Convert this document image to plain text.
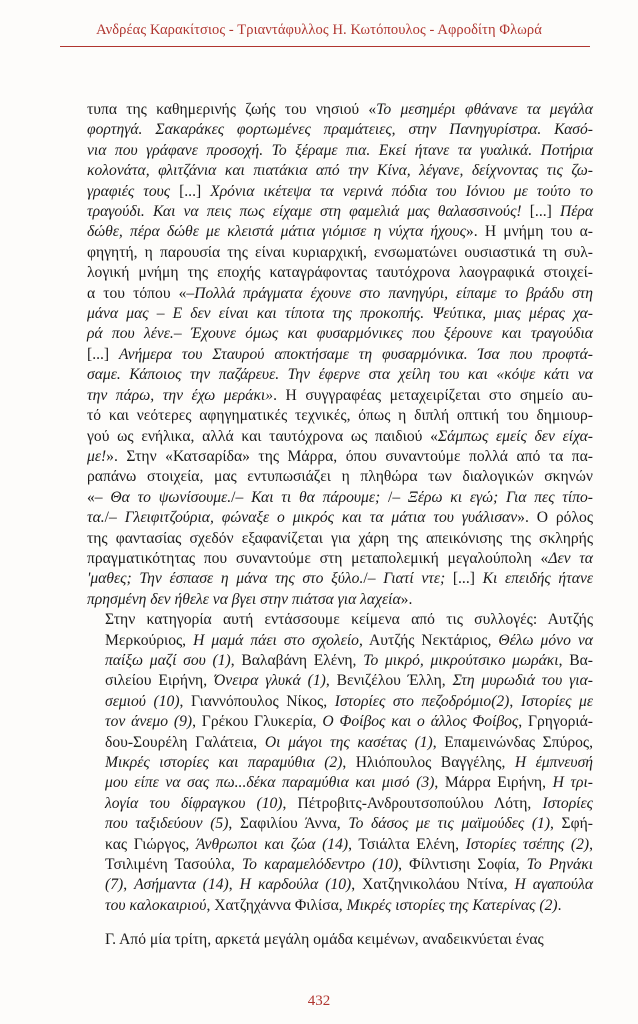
Ανδρέας Καρακίτσιος - Τριαντάφυλλος Η. Κωτόπουλος - Αφροδίτη Φλωρά

τυπα της καθημερινής ζωής του νησιού «Το μεσημέρι φθάνανε τα μεγάλα
φορτηγά. Σακαράκες φορτωμένες πραμάτειες, στην Πανηγυρίστρα. Κασό-
νια που γράφανε προσοχή. Το ξέραμε πια. Εκεί ήτανε τα γυαλικά. Ποτήρια
κολονάτα, φλιτζάνια και πιατάκια από την Κίνα, λέγανε, δείχνοντας τις ζω-
γραφιές τους [...] Χρόνια ικέτεψα τα νερινά πόδια του Ιόνιου με τούτο το
τραγούδι. Και να πεις πως είχαμε στη φαμελιά μας θαλασσινούς! [...] Πέρα
δώθε, πέρα δώθε με κλειστά μάτια γιόμισε η νύχτα ήχους». Η μνήμη του α-
φηγητή, η παρουσία της είναι κυριαρχική, ενσωματώνει ουσιαστικά τη συλ-
λογική μνήμη της εποχής καταγράφοντας ταυτόχρονα λαογραφικά στοιχεί-
α του τόπου «–Πολλά πράγματα έχουνε στο πανηγύρι, είπαμε το βράδυ στη
μάνα μας – Ε δεν είναι και τίποτα της προκοπής. Ψεύτικα, μιας μέρας χα-
ρά που λένε.– Έχουνε όμως και φυσαρμόνικες που ξέρουνε και τραγούδια
[...] Ανήμερα του Σταυρού αποκτήσαμε τη φυσαρμόνικα. Ίσα που προφτά-
σαμε. Κάποιος την παζάρευε. Την έφερνε στα χείλη του και «κόψε κάτι να
την πάρω, την έχω μεράκι». Η συγγραφέας μεταχειρίζεται στο σημείο αυ-
τό και νεότερες αφηγηματικές τεχνικές, όπως η διπλή οπτική του δημιουρ-
γού ως ενήλικα, αλλά και ταυτόχρονα ως παιδιού «Σάμπως εμείς δεν είχα-
με!». Στην «Κατσαρίδα» της Μάρρα, όπου συναντούμε πολλά από τα πα-
ραπάνω στοιχεία, μας εντυπωσιάζει η πληθώρα των διαλογικών σκηνών
«– Θα το ψωνίσουμε./– Και τι θα πάρουμε; /– Ξέρω κι εγώ; Για πες τίπο-
τα./– Γλειφιτζούρια, φώναξε ο μικρός και τα μάτια του γυάλισαν». Ο ρόλος
της φαντασίας σχεδόν εξαφανίζεται για χάρη της απεικόνισης της σκληρής
πραγματικότητας που συναντούμε στη μεταπολεμική μεγαλούπολη «Δεν τα
'μαθες; Την έσπασε η μάνα της στο ξύλο./– Γιατί ντε; [...] Κι επειδής ήτανε
πρησμένη δεν ήθελε να βγει στην πιάτσα για λαχεία».

Στην κατηγορία αυτή εντάσσουμε κείμενα από τις συλλογές: Αυτζής
Μερκούριος, Η μαμά πάει στο σχολείο, Αυτζής Νεκτάριος, Θέλω μόνο να
παίξω μαζί σου (1), Βαλαβάνη Ελένη, Το μικρό, μικρούτσικο μωράκι, Βα-
σιλείου Ειρήνη, Όνειρα γλυκά (1), Βενιζέλου Έλλη, Στη μυρωδιά του για-
σεμιού (10), Γιαννόπουλος Νίκος, Ιστορίες στο πεζοδρόμιο(2), Ιστορίες με
τον άνεμο (9), Γρέκου Γλυκερία, Ο Φοίβος και ο άλλος Φοίβος, Γρηγοριά-
δου-Σουρέλη Γαλάτεια, Οι μάγοι της κασέτας (1), Επαμεινώνδας Σπύρος,
Μικρές ιστορίες και παραμύθια (2), Ηλιόπουλος Βαγγέλης, Η έμπνευσή
μου είπε να σας πω...δέκα παραμύθια και μισό (3), Μάρρα Ειρήνη, Η τρι-
λογία του δίφραγκου (10), Πέτροβιτς-Ανδρουτσοπούλου Λότη, Ιστορίες
που ταξιδεύουν (5), Σαφιλίου Άννα, Το δάσος με τις μαϊμούδες (1), Σφή-
κας Γιώργος, Άνθρωποι και ζώα (14), Τσιάλτα Ελένη, Ιστορίες τσέπης (2),
Τσιλιμένη Τασούλα, Το καραμελόδεντρο (10), Φίλντισηι Σοφία, Το Ρηνάκι
(7), Ασήμαντα (14), Η καρδούλα (10), Χατζηνικολάου Ντίνα, Η αγαπούλα
του καλοκαιριού, Χατζηχάννα Φιλίσα, Μικρές ιστορίες της Κατερίνας (2).

Γ. Από μία τρίτη, αρκετά μεγάλη ομάδα κειμένων, αναδεικνύεται ένας

432
